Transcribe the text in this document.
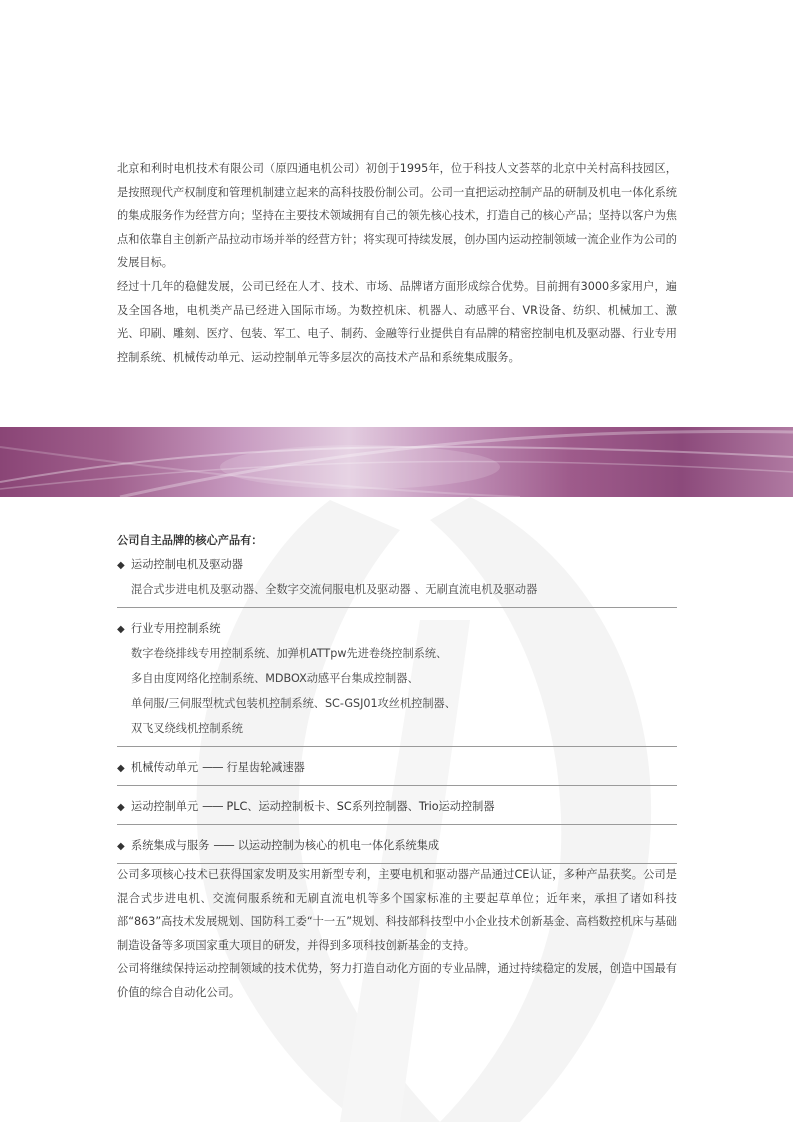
北京和利时电机技术有限公司（原四通电机公司）初创于1995年，位于科技人文荟萃的北京中关村高科技园区，是按照现代产权制度和管理机制建立起来的高科技股份制公司。公司一直把运动控制产品的研制及机电一体化系统的集成服务作为经营方向；坚持在主要技术领域拥有自己的领先核心技术，打造自己的核心产品；坚持以客户为焦点和依靠自主创新产品拉动市场并举的经营方针；将实现可持续发展，创办国内运动控制领域一流企业作为公司的发展目标。

经过十几年的稳健发展，公司已经在人才、技术、市场、品牌诸方面形成综合优势。目前拥有3000多家用户，遍及全国各地，电机类产品已经进入国际市场。为数控机床、机器人、动感平台、VR设备、纺织、机械加工、激光、印刷、雕刻、医疗、包装、军工、电子、制药、金融等行业提供自有品牌的精密控制电机及驱动器、行业专用控制系统、机械传动单元、运动控制单元等多层次的高技术产品和系统集成服务。

公司自主品牌的核心产品有：
◆ 运动控制电机及驱动器
混合式步进电机及驱动器、全数字交流伺服电机及驱动器 、无刷直流电机及驱动器
◆ 行业专用控制系统
数字卷绕排线专用控制系统、加弹机ATTpw先进卷绕控制系统、
多自由度网络化控制系统、MDBOX动感平台集成控制器、
单伺服/三伺服型枕式包装机控制系统、SC-GSJ01攻丝机控制器、
双飞叉绕线机控制系统
◆ 机械传动单元 —— 行星齿轮减速器
◆ 运动控制单元 —— PLC、运动控制板卡、SC系列控制器、Trio运动控制器
◆ 系统集成与服务 —— 以运动控制为核心的机电一体化系统集成

公司多项核心技术已获得国家发明及实用新型专利，主要电机和驱动器产品通过CE认证，多种产品获奖。公司是混合式步进电机、交流伺服系统和无刷直流电机等多个国家标准的主要起草单位；近年来，承担了诸如科技部“863”高技术发展规划、国防科工委“十一五”规划、科技部科技型中小企业技术创新基金、高档数控机床与基础制造设备等多项国家重大项目的研发，并得到多项科技创新基金的支持。

公司将继续保持运动控制领域的技术优势，努力打造自动化方面的专业品牌，通过持续稳定的发展，创造中国最有价值的综合自动化公司。
